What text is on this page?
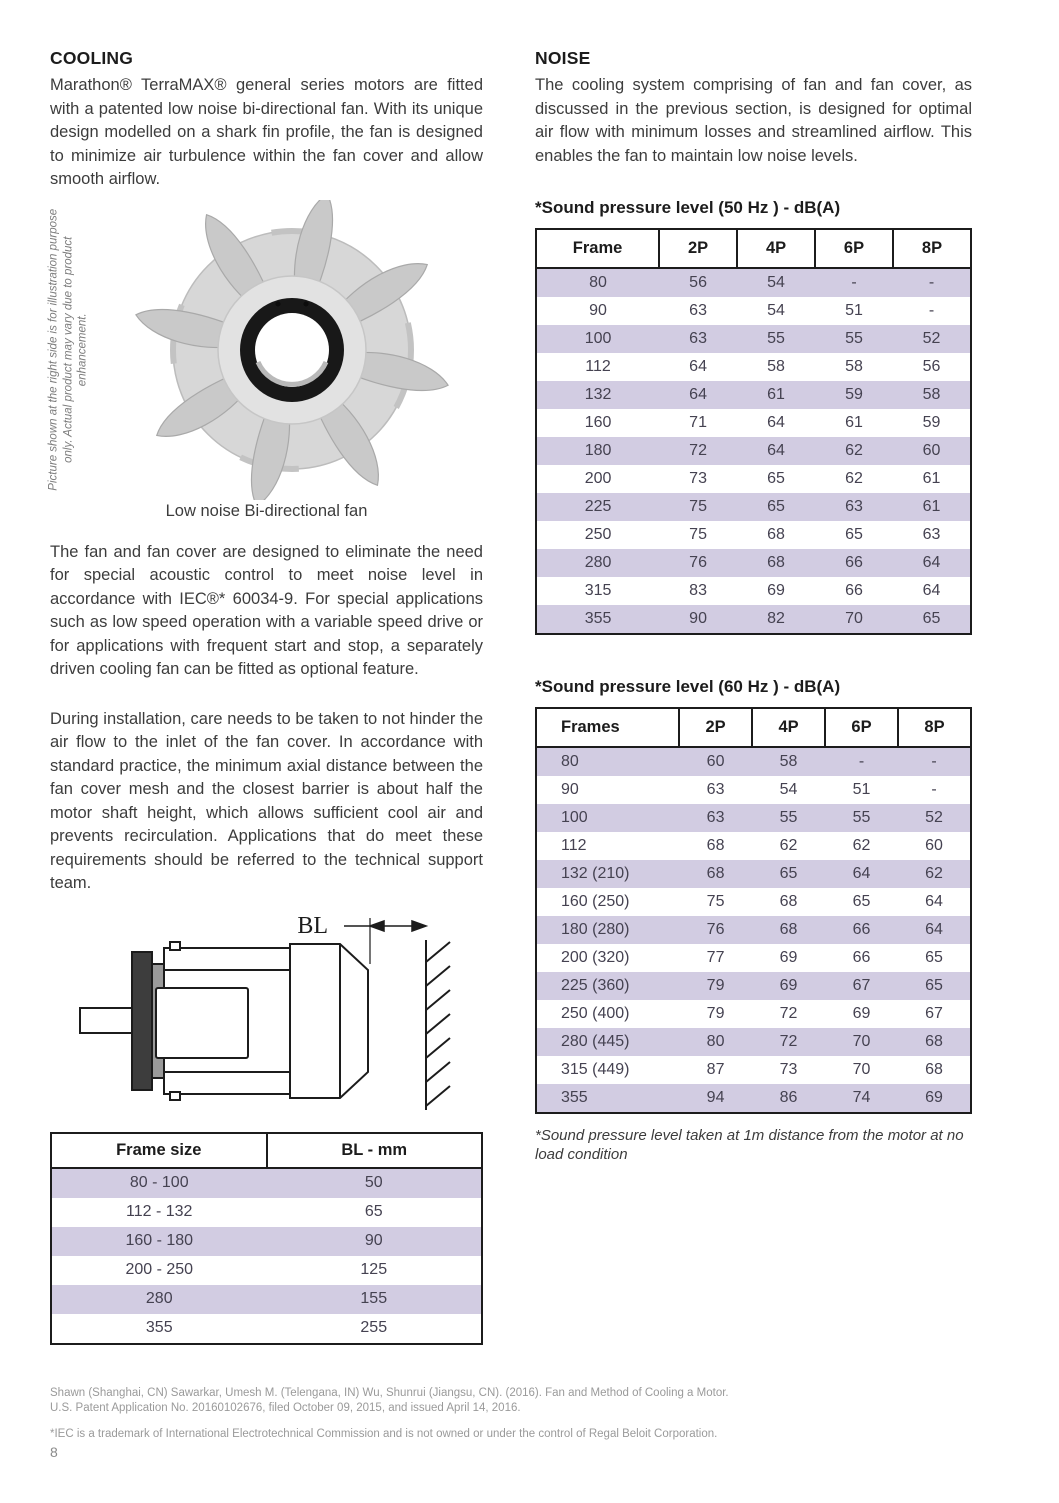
COOLING

Marathon® TerraMAX® general series motors are fitted with a patented low noise bi-directional fan. With its unique design modelled on a shark fin profile, the fan is designed to minimize air turbulence within the fan cover and allow smooth airflow.

Picture shown at the right side is for illustration purpose only. Actual product may vary due to product enhancement.

Low noise Bi-directional fan

The fan and fan cover are designed to eliminate the need for special acoustic control to meet noise level in accordance with IEC®* 60034-9. For special applications such as low speed operation with a variable speed drive or for applications with frequent start and stop, a separately driven cooling fan can be fitted as optional feature.

During installation, care needs to be taken to not hinder the air flow to the inlet of the fan cover. In accordance with standard practice, the minimum axial distance between the fan cover mesh and the closest barrier is about half the motor shaft height, which allows sufficient cool air and prevents recirculation. Applications that do meet these requirements should be referred to the technical support team.

BL
Frame size	BL - mm
80 - 100	50
112 - 132	65
160 - 180	90
200 - 250	125
280	155
355	255
NOISE

The cooling system comprising of fan and fan cover, as discussed in the previous section, is designed for optimal air flow with minimum losses and streamlined airflow. This enables the fan to maintain low noise levels.

*Sound pressure level (50 Hz ) - dB(A)

Frame	2P	4P	6P	8P
80	56	54	-	-
90	63	54	51	-
100	63	55	55	52
112	64	58	58	56
132	64	61	59	58
160	71	64	61	59
180	72	64	62	60
200	73	65	62	61
225	75	65	63	61
250	75	68	65	63
280	76	68	66	64
315	83	69	66	64
355	90	82	70	65

*Sound pressure level (60 Hz ) - dB(A)

Frames	2P	4P	6P	8P
80	60	58	-	-
90	63	54	51	-
100	63	55	55	52
112	68	62	62	60
132 (210)	68	65	64	62
160 (250)	75	68	65	64
180 (280)	76	68	66	64
200 (320)	77	69	66	65
225 (360)	79	69	67	65
250 (400)	79	72	69	67
280 (445)	80	72	70	68
315 (449)	87	73	70	68
355	94	86	74	69

*Sound pressure level taken at 1m distance from the motor at no load condition

Shawn (Shanghai, CN) Sawarkar, Umesh M. (Telengana, IN) Wu, Shunrui (Jiangsu, CN). (2016). Fan and Method of Cooling a Motor.

U.S. Patent Application No. 20160102676, filed October 09, 2015, and issued April 14, 2016.

*IEC is a trademark of International Electrotechnical Commission and is not owned or under the control of Regal Beloit Corporation.

8
